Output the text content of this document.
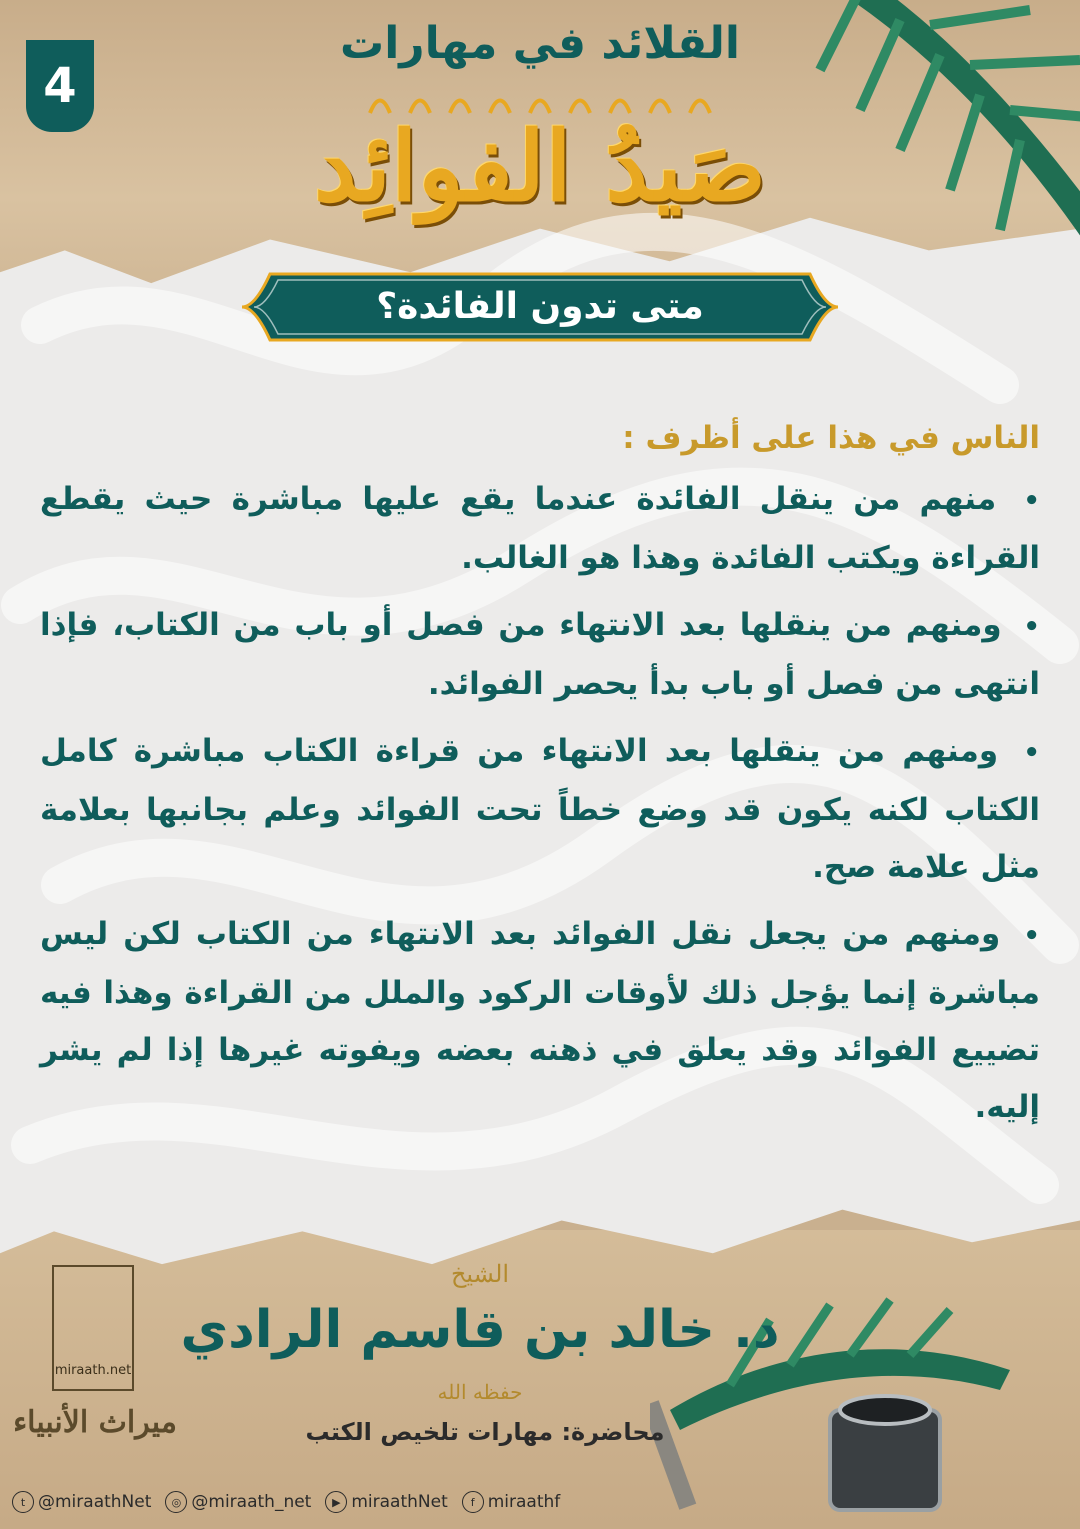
4
القلائد في مهارات
صَيدُ الفوائِد
متى تدون الفائدة؟
الناس في هذا على أظرف :
• منهم من ينقل الفائدة عندما يقع عليها مباشرة حيث يقطع القراءة ويكتب الفائدة وهذا هو الغالب.
• ومنهم من ينقلها بعد الانتهاء من فصل أو باب من الكتاب، فإذا انتهى من فصل أو باب بدأ يحصر الفوائد.
• ومنهم من ينقلها بعد الانتهاء من قراءة الكتاب مباشرة كامل الكتاب لكنه يكون قد وضع خطاً تحت الفوائد وعلم بجانبها بعلامة مثل علامة صح.
• ومنهم من يجعل نقل الفوائد بعد الانتهاء من الكتاب لكن ليس مباشرة إنما يؤجل ذلك لأوقات الركود والملل من القراءة وهذا فيه تضييع الفوائد وقد يعلق في ذهنه بعضه ويفوته غيرها إذا لم يشر إليه.
miraath.net
ميراث الأنبياء
الشيخ
د. خالد بن قاسم الرادي
حفظه الله
محاضرة: مهارات تلخيص الكتب
t @miraathNet	◎ @miraath_net	▶ miraathNet	f miraathf
